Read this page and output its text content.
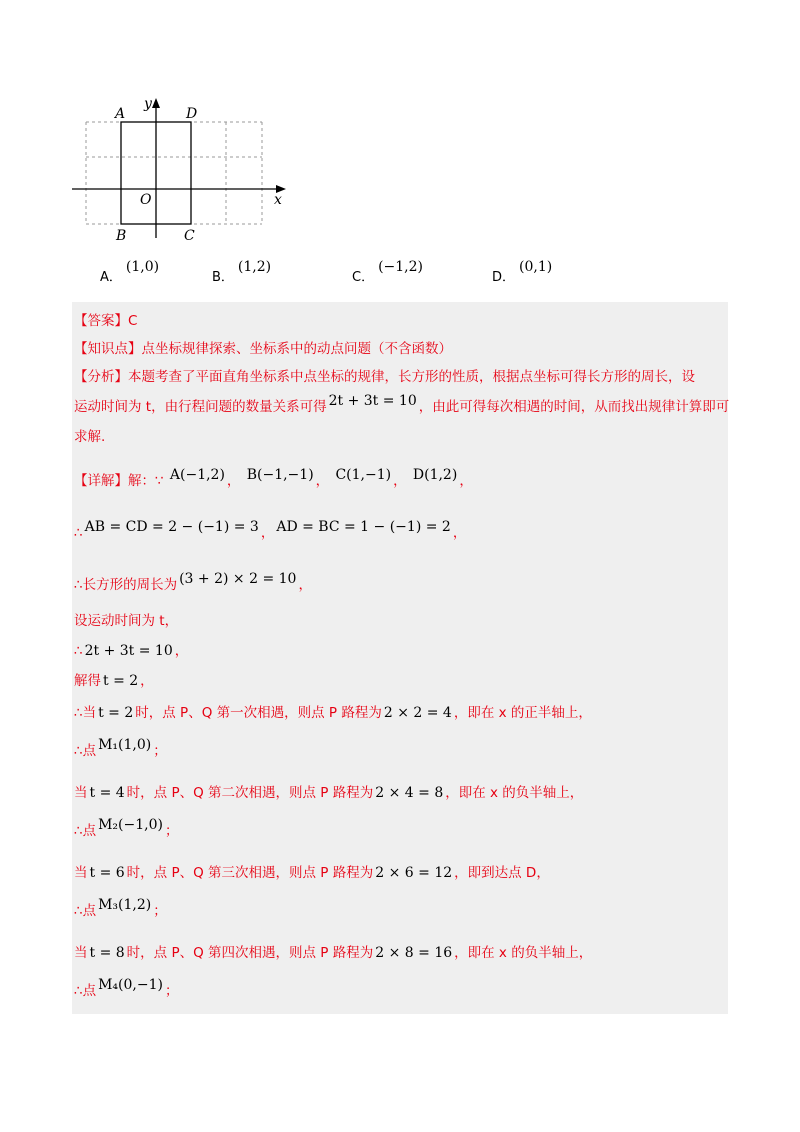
A	D
B	C
O	x
y
A．(1,0)
B．(1,2)
C．(−1,2)
D．(0,1)
【答案】C
【知识点】点坐标规律探索、坐标系中的动点问题（不含函数）
【分析】本题考查了平面直角坐标系中点坐标的规律，长方形的性质，根据点坐标可得长方形的周长，设
运动时间为 t，由行程问题的数量关系可得 2t + 3t = 10 ，由此可得每次相遇的时间，从而找出规律计算即可
求解.
【详解】解：∵ A(−1,2) ， B(−1,−1) ， C(1,−1) ， D(1,2) ，
∴ AB = CD = 2 − (−1) = 3 ， AD = BC = 1 − (−1) = 2 ，
∴长方形的周长为 (3 + 2) × 2 = 10 ，
设运动时间为 t，
∴ 2t + 3t = 10 ，
解得 t = 2 ，
∴当 t = 2 时，点 P、Q 第一次相遇，则点 P 路程为 2 × 2 = 4 ，即在 x 的正半轴上，
∴点 M₁(1,0) ；
当 t = 4 时，点 P、Q 第二次相遇，则点 P 路程为 2 × 4 = 8 ，即在 x 的负半轴上，
∴点 M₂(−1,0) ；
当 t = 6 时，点 P、Q 第三次相遇，则点 P 路程为 2 × 6 = 12 ，即到达点 D，
∴点 M₃(1,2) ；
当 t = 8 时，点 P、Q 第四次相遇，则点 P 路程为 2 × 8 = 16 ，即在 x 的负半轴上，
∴点 M₄(0,−1) ；
